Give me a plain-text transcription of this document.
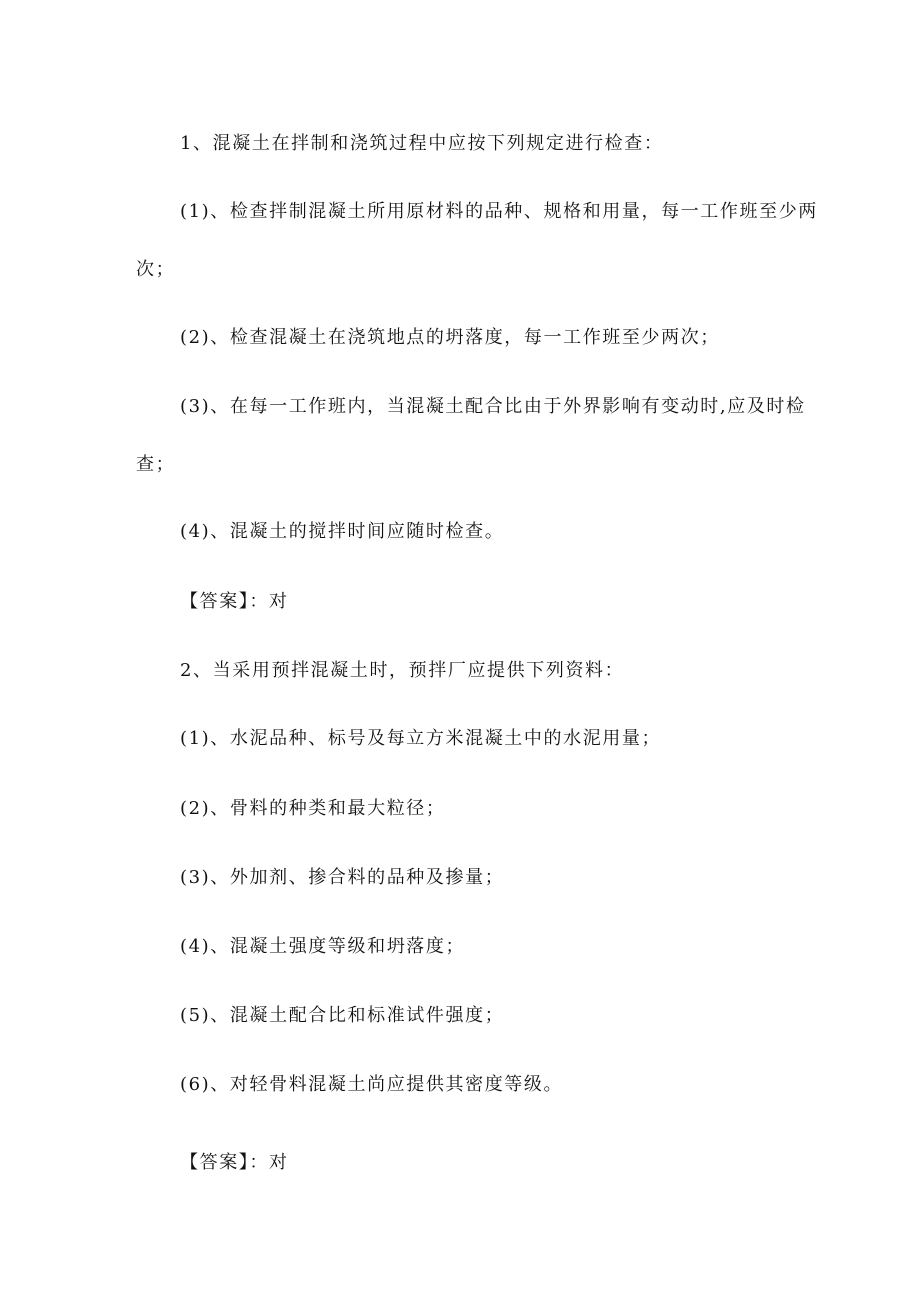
1、混凝土在拌制和浇筑过程中应按下列规定进行检查：
(1)、检查拌制混凝土所用原材料的品种、规格和用量，每一工作班至少两
次；
(2)、检查混凝土在浇筑地点的坍落度，每一工作班至少两次；
(3)、在每一工作班内，当混凝土配合比由于外界影响有变动时,应及时检
查；
(4)、混凝土的搅拌时间应随时检查。
【答案】：对
2、当采用预拌混凝土时，预拌厂应提供下列资料：
(1)、水泥品种、标号及每立方米混凝土中的水泥用量；
(2)、骨料的种类和最大粒径；
(3)、外加剂、掺合料的品种及掺量；
(4)、混凝土强度等级和坍落度；
(5)、混凝土配合比和标准试件强度；
(6)、对轻骨料混凝土尚应提供其密度等级。
【答案】：对
